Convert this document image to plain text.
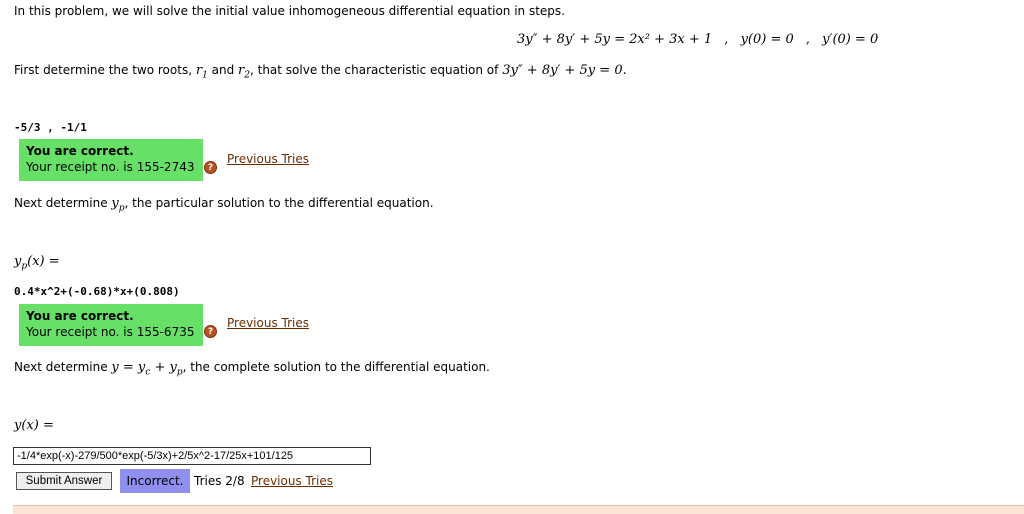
In this problem, we will solve the initial value inhomogeneous differential equation in steps.
3y″ + 8y′ + 5y = 2x² + 3x + 1 , y(0) = 0 , y′(0) = 0
First determine the two roots, $r_1$ and $r_2$, that solve the characteristic equation of 3y″ + 8y′ + 5y = 0.
-5/3 , -1/1
You are correct.
Your receipt no. is 155-2743	?
Previous Tries
Next determine $y_p$, the particular solution to the differential equation.
$y_p(x)$ =
0.4*x^2+(-0.68)*x+(0.808)
You are correct.
Your receipt no. is 155-6735	?
Previous Tries
Next determine $y = y_c + y_p$, the complete solution to the differential equation.
y(x) =
-1/4*exp(-x)-279/500*exp(-5/3x)+2/5x^2-17/25x+101/125
Submit Answer	Incorrect. Tries 2/8 Previous Tries
